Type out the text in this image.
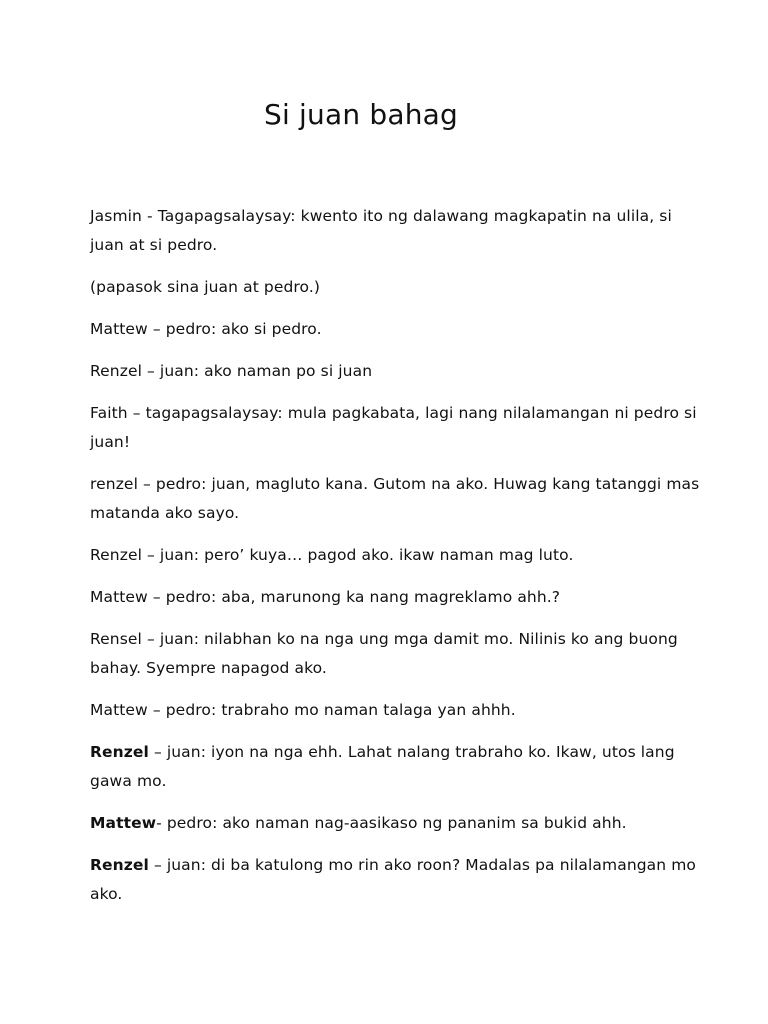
Si juan bahag

Jasmin - Tagapagsalaysay: kwento ito ng dalawang magkapatin na ulila, si juan at si pedro.

(papasok sina juan at pedro.)

Mattew – pedro: ako si pedro.

Renzel – juan: ako naman po si juan

Faith – tagapagsalaysay: mula pagkabata, lagi nang nilalamangan ni pedro si juan!

renzel – pedro: juan, magluto kana. Gutom na ako. Huwag kang tatanggi mas matanda ako sayo.

Renzel – juan: pero’ kuya… pagod ako. ikaw naman mag luto.

Mattew – pedro: aba, marunong ka nang magreklamo ahh.?

Rensel – juan: nilabhan ko na nga ung mga damit mo. Nilinis ko ang buong bahay. Syempre napagod ako.

Mattew – pedro: trabraho mo naman talaga yan ahhh.

Renzel – juan: iyon na nga ehh. Lahat nalang trabraho ko. Ikaw, utos lang gawa mo.

Mattew- pedro: ako naman nag-aasikaso ng pananim sa bukid ahh.

Renzel – juan: di ba katulong mo rin ako roon? Madalas pa nilalamangan mo ako.
